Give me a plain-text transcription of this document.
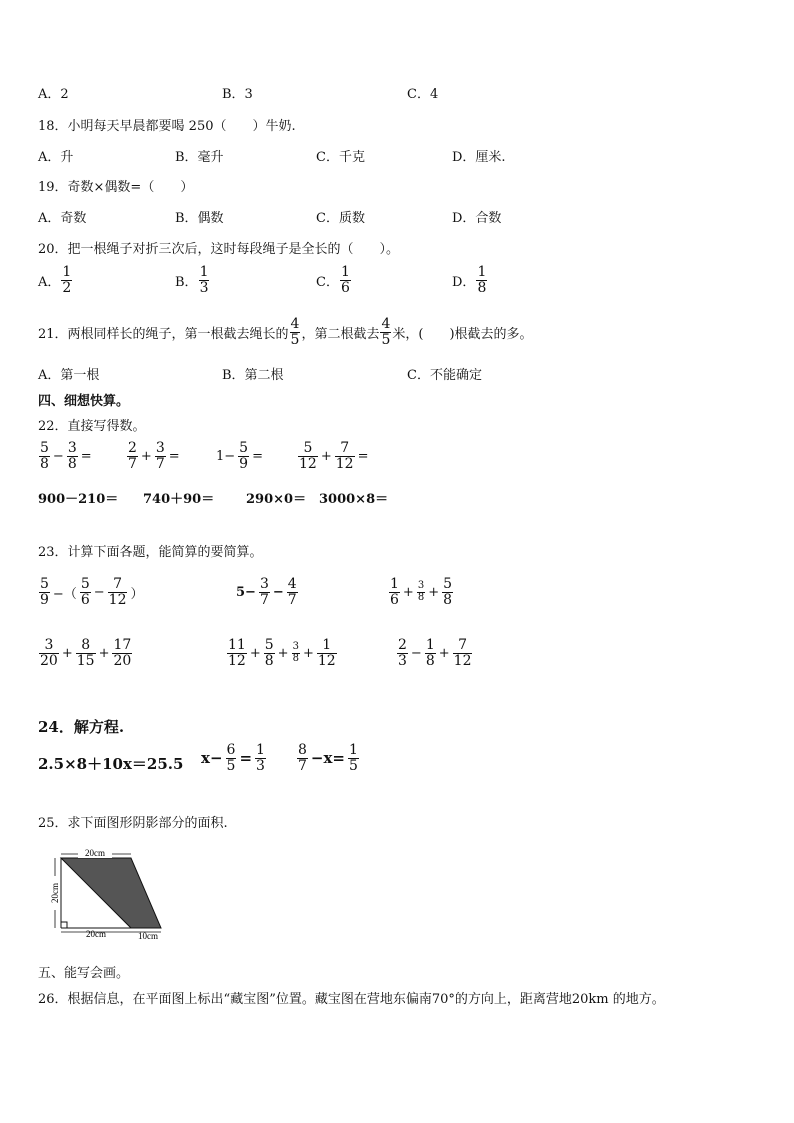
A．2	B．3	C．4
18．小明每天早晨都要喝 250（　　）牛奶.
A．升	B．毫升	C．千克	D．厘米.
19．奇数×偶数=（　　）
A．奇数	B．偶数	C．质数	D．合数
20．把一根绳子对折三次后，这时每段绳子是全长的（　　）。
A． $\frac{1}{2}$	B． $\frac{1}{3}$	C． $\frac{1}{6}$	D． $\frac{1}{8}$
21．两根同样长的绳子，第一根截去绳长的 $\frac{4}{5}$ ，第二根截去 $\frac{4}{5}$ 米，(　　)根截去的多。
A．第一根	B．第二根	C．不能确定
四、细想快算。
22．直接写得数。
$\frac{5}{8} - \frac{3}{8}$ =	$\frac{2}{7} + \frac{3}{7}$ =	$1- \frac{5}{9}$ =	$\frac{5}{12} + \frac{7}{12}$ =
900－210＝ 740＋90＝ 290×0＝ 3000×8＝
23．计算下面各题，能简算的要简算。
$\frac{5}{9}$ −（ $\frac{5}{6} - \frac{7}{12}$ ）	$5- \frac{3}{7} - \frac{4}{7}$	$\frac{1}{6} + \frac{3}{8} + \frac{5}{8}$
$\frac{3}{20} + \frac{8}{15} + \frac{17}{20}$	$\frac{11}{12} + \frac{5}{8} + \frac{3}{8} + \frac{1}{12}$	$\frac{2}{3} - \frac{1}{8} + \frac{7}{12}$
24．解方程.
2.5×8＋10x＝25.5 $x- \frac{6}{5} = \frac{1}{3} \frac{8}{7} -x= \frac{1}{5}$
25．求下面图形阴影部分的面积.
20cm
20cm
20cm	10cm
五、能写会画。
26．根据信息，在平面图上标出“藏宝图”位置。藏宝图在营地东偏南70°的方向上，距离营地20km 的地方。
